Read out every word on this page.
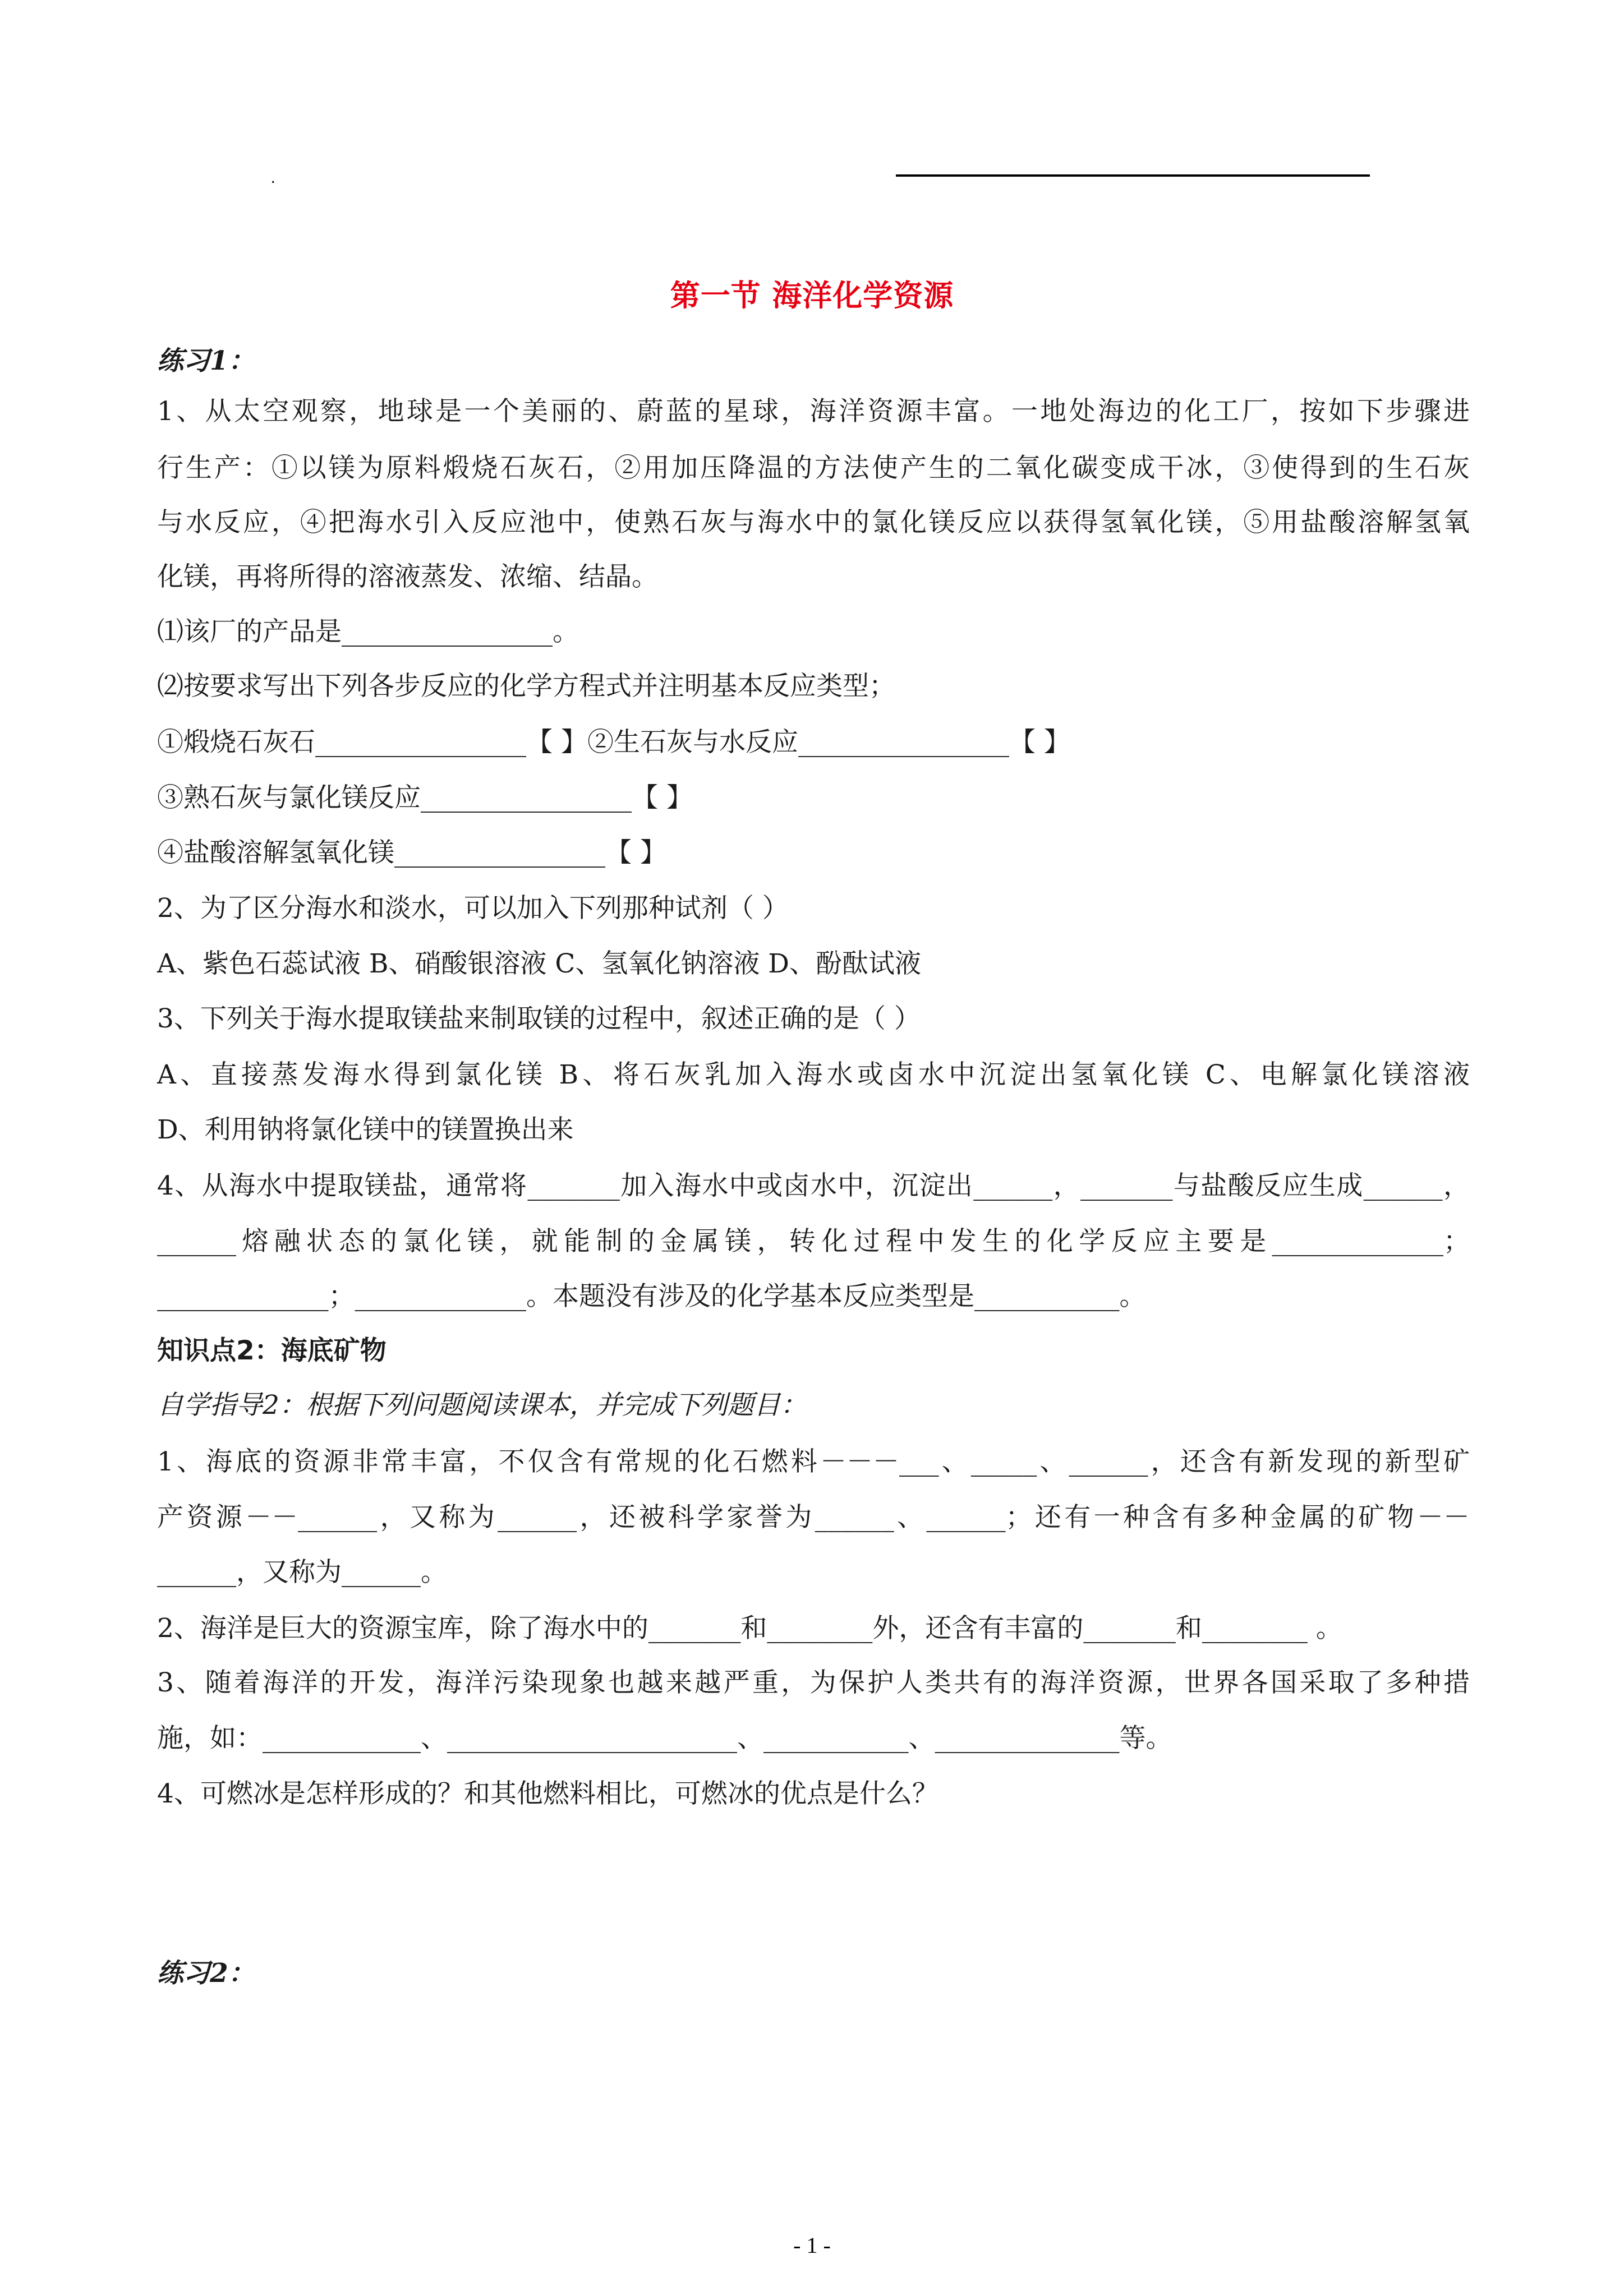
.
第一节 海洋化学资源
练习1：
1、从太空观察，地球是一个美丽的、蔚蓝的星球，海洋资源丰富。一地处海边的化工厂，按如下步骤进
行生产：①以镁为原料煅烧石灰石，②用加压降温的方法使产生的二氧化碳变成干冰，③使得到的生石灰
与水反应，④把海水引入反应池中，使熟石灰与海水中的氯化镁反应以获得氢氧化镁，⑤用盐酸溶解氢氧
化镁，再将所得的溶液蒸发、浓缩、结晶。
⑴该厂的产品是________________。
⑵按要求写出下列各步反应的化学方程式并注明基本反应类型；
①煅烧石灰石________________【 】②生石灰与水反应________________【 】
③熟石灰与氯化镁反应________________【 】
④盐酸溶解氢氧化镁________________【 】
2、为了区分海水和淡水，可以加入下列那种试剂（ ）
A、紫色石蕊试液 B、硝酸银溶液 C、氢氧化钠溶液 D、酚酞试液
3、下列关于海水提取镁盐来制取镁的过程中，叙述正确的是（ ）
A、直接蒸发海水得到氯化镁 B、将石灰乳加入海水或卤水中沉淀出氢氧化镁 C、电解氯化镁溶液
D、利用钠将氯化镁中的镁置换出来
4、从海水中提取镁盐，通常将_______加入海水中或卤水中，沉淀出______，_______与盐酸反应生成______，
______熔融状态的氯化镁，就能制的金属镁，转化过程中发生的化学反应主要是_____________；
_____________；_____________。本题没有涉及的化学基本反应类型是___________。
知识点2：海底矿物
自学指导2：根据下列问题阅读课本，并完成下列题目：
1、海底的资源非常丰富，不仅含有常规的化石燃料－－－___、_____、______，还含有新发现的新型矿
产资源－－______，又称为______，还被科学家誉为______、______；还有一种含有多种金属的矿物－－
______，又称为______。
2、海洋是巨大的资源宝库，除了海水中的_______和________外，还含有丰富的_______和________ 。
3、随着海洋的开发，海洋污染现象也越来越严重，为保护人类共有的海洋资源，世界各国采取了多种措
施，如：____________、______________________、___________、______________等。
4、可燃冰是怎样形成的？和其他燃料相比，可燃冰的优点是什么？
练习2：
- 1 -
